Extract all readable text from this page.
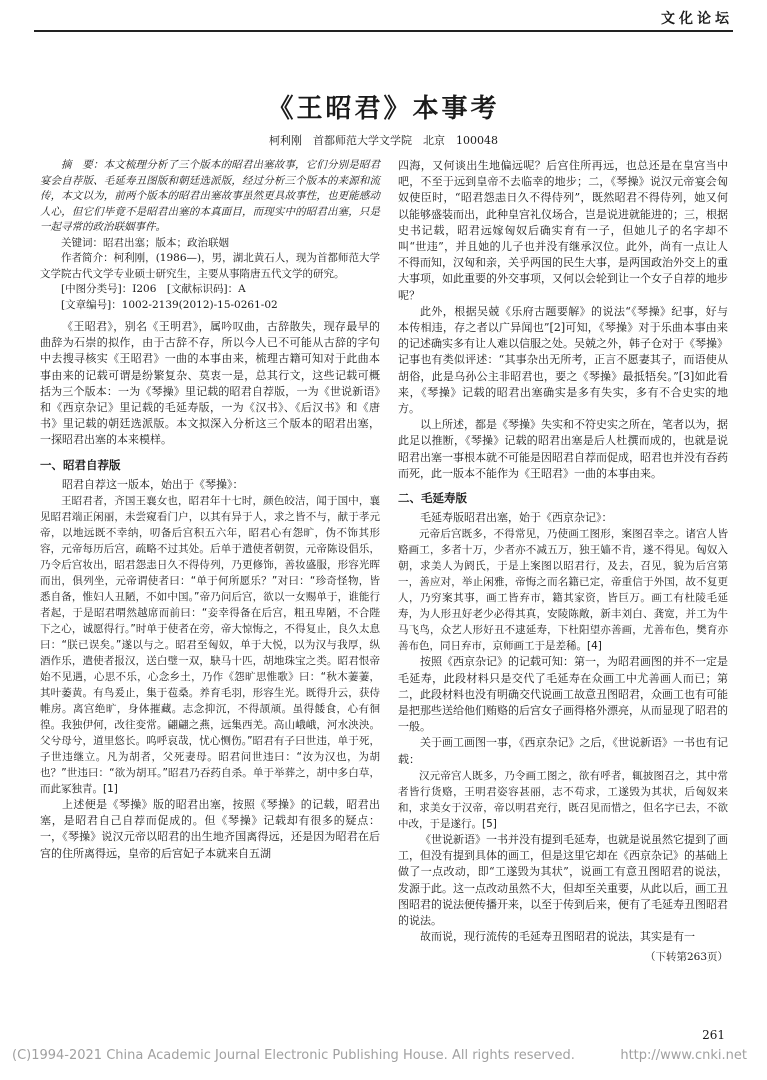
文化论坛
《王昭君》本事考
柯利刚　首都师范大学文学院　北京　100048

摘　要：本文梳理分析了三个版本的昭君出塞故事，它们分别是昭君宴会自荐版、毛延寿丑图版和朝廷选派版，经过分析三个版本的来源和流传，本文以为，前两个版本的昭君出塞故事虽然更具故事性，也更能感动人心，但它们毕竟不是昭君出塞的本真面目，而现实中的昭君出塞，只是一起寻常的政治联姻事件。

关键词：昭君出塞；版本；政治联姻

作者简介：柯利刚，(1986—)，男，湖北黄石人，现为首都师范大学文学院古代文学专业硕士研究生，主要从事隋唐五代文学的研究。

[中图分类号]：I206　[文献标识码]：A

[文章编号]：1002-2139(2012)-15-0261-02

《王昭君》，别名《王明君》，属吟叹曲，古辞散失，现存最早的曲辞为石崇的拟作，由于古辞不存，所以今人已不可能从古辞的字句中去搜寻核实《王昭君》一曲的本事由来，梳理古籍可知对于此曲本事由来的记载可谓是纷繁复杂、莫衷一是，总其行文，这些记载可概括为三个版本：一为《琴操》里记载的昭君自荐版，一为《世说新语》和《西京杂记》里记载的毛延寿版，一为《汉书》、《后汉书》和《唐书》里记载的朝廷选派版。本文拟深入分析这三个版本的昭君出塞，一探昭君出塞的本来模样。

一、昭君自荐版

昭君自荐这一版本，始出于《琴操》：

王昭君者，齐国王襄女也，昭君年十七时，颜色皎洁，闻于国中，襄见昭君端正闲丽，未尝窥看门户，以其有异于人，求之皆不与，献于孝元帝，以地远既不幸纳，叨备后宫积五六年，昭君心有怨旷，伪不饰其形容，元帝每历后宫，疏略不过其处。后单于遣使者朝贺，元帝陈设倡乐，乃令后宫妆出，昭君怨恚日久不得侍列，乃更修饰，善妆盛服，形容光晖而出，俱列坐，元帝谓使者曰：“单于何所愿乐？”对曰：“珍奇怪物，皆悉自备，惟妇人丑陋，不如中国。”帝乃问后宫，欲以一女赐单于，谁能行者起，于是昭君喟然越席而前曰：“妾幸得备在后宫，粗丑卑陋，不合陛下之心，诚愿得行。”时单于使者在旁，帝大惊悔之，不得复止，良久太息曰：“朕已误矣。”遂以与之。昭君至匈奴，单于大悦，以为汉与我厚，纵酒作乐，遣使者报汉，送白璧一双，駃马十匹，胡地珠宝之类。昭君恨帝始不见遇，心思不乐，心念乡土，乃作《怨旷思惟歌》曰：“秋木萋萋，其叶萎黄。有鸟爰止，集于苞桑。养育毛羽，形容生光。既得升云，获侍帷房。离宫绝旷，身体摧藏。志念抑沉，不得颉颃。虽得餧食，心有徊徨。我独伊何，改往变常。翩翩之燕，远集西羌。高山峨峨，河水泱泱。父兮母兮，道里悠长。呜呼哀哉，忧心恻伤。”昭君有子曰世违，单于死，子世违继立。凡为胡者，父死妻母。昭君问世违曰：“汝为汉也，为胡也？”世违曰：“欲为胡耳。”昭君乃吞药自杀。单于举葬之，胡中多白草，而此冢独青。[1]

上述便是《琴操》版的昭君出塞，按照《琴操》的记载，昭君出塞，是昭君自己自荐而促成的。但《琴操》记载却有很多的疑点：一，《琴操》说汉元帝以昭君的出生地齐国离得远，还是因为昭君在后宫的住所离得远，皇帝的后宫妃子本就来自五湖

四海，又何谈出生地偏远呢？后宫住所再远，也总还是在皇宫当中吧，不至于远到皇帝不去临幸的地步；二，《琴操》说汉元帝宴会匈奴使臣时，“昭君怨恚日久不得侍列”，既然昭君不得侍列，她又何以能够盛装而出，此种皇宫礼仪场合，岂是说进就能进的；三，根据史书记载，昭君远嫁匈奴后确实育有一子，但她儿子的名字却不叫“世违”，并且她的儿子也并没有继承汉位。此外，尚有一点让人不得而知，汉匈和亲，关乎两国的民生大事，是两国政治外交上的重大事项，如此重要的外交事项，又何以会轮到让一个女子自荐的地步呢？

此外，根据吴兢《乐府古题要解》的说法“《琴操》纪事，好与本传相违，存之者以广异闻也”[2]可知，《琴操》对于乐曲本事由来的记述确实多有让人难以信服之处。吴兢之外，韩子仓对于《琴操》记事也有类似评述：“其事杂出无所考，正言不愿妻其子，而语使从胡俗，此是乌孙公主非昭君也，要之《琴操》最抵牾矣。”[3]如此看来，《琴操》记载的昭君出塞确实是多有失实，多有不合史实的地方。

以上所述，都是《琴操》失实和不符史实之所在，笔者以为，据此足以推断，《琴操》记载的昭君出塞是后人杜撰而成的，也就是说昭君出塞一事根本就不可能是因昭君自荐而促成，昭君也并没有吞药而死，此一版本不能作为《王昭君》一曲的本事由来。

二、毛延寿版

毛延寿版昭君出塞，始于《西京杂记》：

元帝后宫既多，不得常见，乃使画工图形，案图召幸之。诸宫人皆赂画工，多者十万，少者亦不减五万，独王嫱不肯，遂不得见。匈奴入朝，求美人为阏氏，于是上案图以昭君行，及去，召见，貌为后宫第一，善应对，举止闲雅，帝悔之而名籍已定，帝重信于外国，故不复更人，乃穷案其事，画工皆弃市，籍其家资，皆巨万。画工有杜陵毛延寿，为人形丑好老少必得其真，安陵陈敞，新丰刘白、龚宽，并工为牛马飞鸟，众艺人形好丑不逮延寿，下杜阳望亦善画，尤善布色，樊育亦善布色，同日弃市，京师画工于是差稀。[4]

按照《西京杂记》的记载可知：第一，为昭君画图的并不一定是毛延寿，此段材料只是交代了毛延寿在众画工中尤善画人而已；第二，此段材料也没有明确交代说画工故意丑图昭君，众画工也有可能是把那些送给他们贿赂的后宫女子画得格外漂亮，从而显现了昭君的一般。

关于画工画图一事，《西京杂记》之后，《世说新语》一书也有记载：

汉元帝宫人既多，乃令画工图之，欲有呼者，辄披图召之，其中常者皆行货赂，王明君姿容甚丽，志不苟求，工遂毁为其状，后匈奴来和，求美女于汉帝，帝以明君充行，既召见而惜之，但名字已去，不欲中改，于是遂行。[5]

《世说新语》一书并没有提到毛延寿，也就是说虽然它提到了画工，但没有提到具体的画工，但是这里它却在《西京杂记》的基础上做了一点改动，即“工遂毁为其状”，说画工有意丑图昭君的说法，发源于此。这一点改动虽然不大，但却至关重要，从此以后，画工丑图昭君的说法便传播开来，以至于传到后来，便有了毛延寿丑图昭君的说法。

故而说，现行流传的毛延寿丑图昭君的说法，其实是有一

（下转第263页）
261
(C)1994-2021 China Academic Journal Electronic Publishing House. All rights reserved.	http://www.cnki.net
